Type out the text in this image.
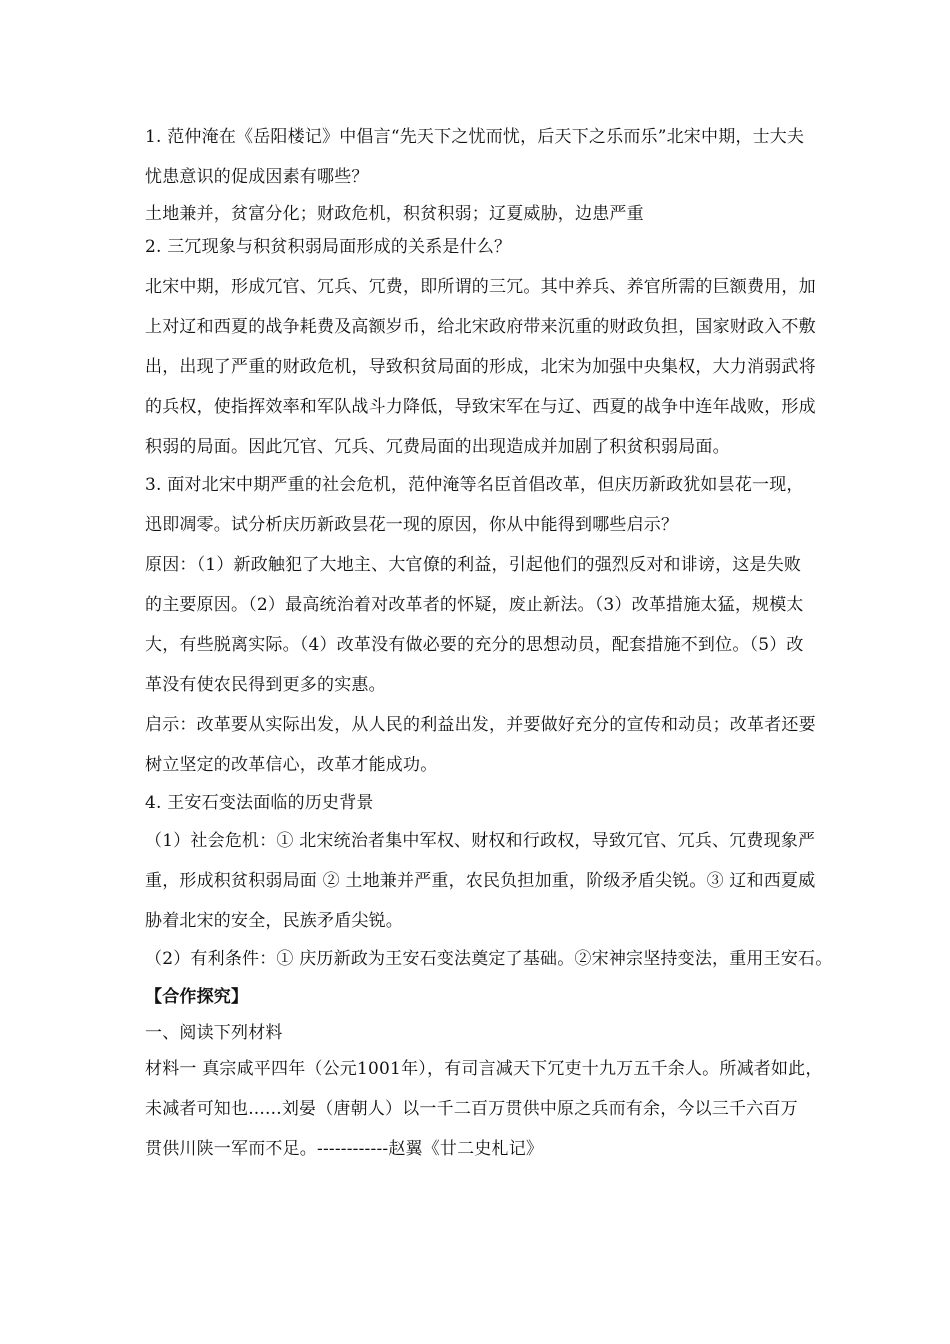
1. 范仲淹在《岳阳楼记》中倡言“先天下之忧而忧，后天下之乐而乐”北宋中期，士大夫
忧患意识的促成因素有哪些？
土地兼并，贫富分化；财政危机，积贫积弱；辽夏威胁，边患严重
2. 三冗现象与积贫积弱局面形成的关系是什么？
北宋中期，形成冗官、冗兵、冗费，即所谓的三冗。其中养兵、养官所需的巨额费用，加
上对辽和西夏的战争耗费及高额岁币，给北宋政府带来沉重的财政负担，国家财政入不敷
出，出现了严重的财政危机，导致积贫局面的形成，北宋为加强中央集权，大力消弱武将
的兵权，使指挥效率和军队战斗力降低，导致宋军在与辽、西夏的战争中连年战败，形成
积弱的局面。因此冗官、冗兵、冗费局面的出现造成并加剧了积贫积弱局面。
3. 面对北宋中期严重的社会危机，范仲淹等名臣首倡改革，但庆历新政犹如昙花一现，
迅即凋零。试分析庆历新政昙花一现的原因，你从中能得到哪些启示？
原因：（1）新政触犯了大地主、大官僚的利益，引起他们的强烈反对和诽谤，这是失败
的主要原因。（2）最高统治着对改革者的怀疑，废止新法。（3）改革措施太猛，规模太
大，有些脱离实际。（4）改革没有做必要的充分的思想动员，配套措施不到位。（5）改
革没有使农民得到更多的实惠。
启示：改革要从实际出发，从人民的利益出发，并要做好充分的宣传和动员；改革者还要
树立坚定的改革信心，改革才能成功。
4. 王安石变法面临的历史背景
（1）社会危机：① 北宋统治者集中军权、财权和行政权，导致冗官、冗兵、冗费现象严
重，形成积贫积弱局面 ② 土地兼并严重，农民负担加重，阶级矛盾尖锐。③ 辽和西夏威
胁着北宋的安全，民族矛盾尖锐。
（2）有利条件：① 庆历新政为王安石变法奠定了基础。②宋神宗坚持变法，重用王安石。
【合作探究】
一、阅读下列材料
材料一 真宗咸平四年（公元1001年），有司言减天下冗吏十九万五千余人。所减者如此，
未减者可知也......刘晏（唐朝人）以一千二百万贯供中原之兵而有余，今以三千六百万
贯供川陕一军而不足。------------赵翼《廿二史札记》
